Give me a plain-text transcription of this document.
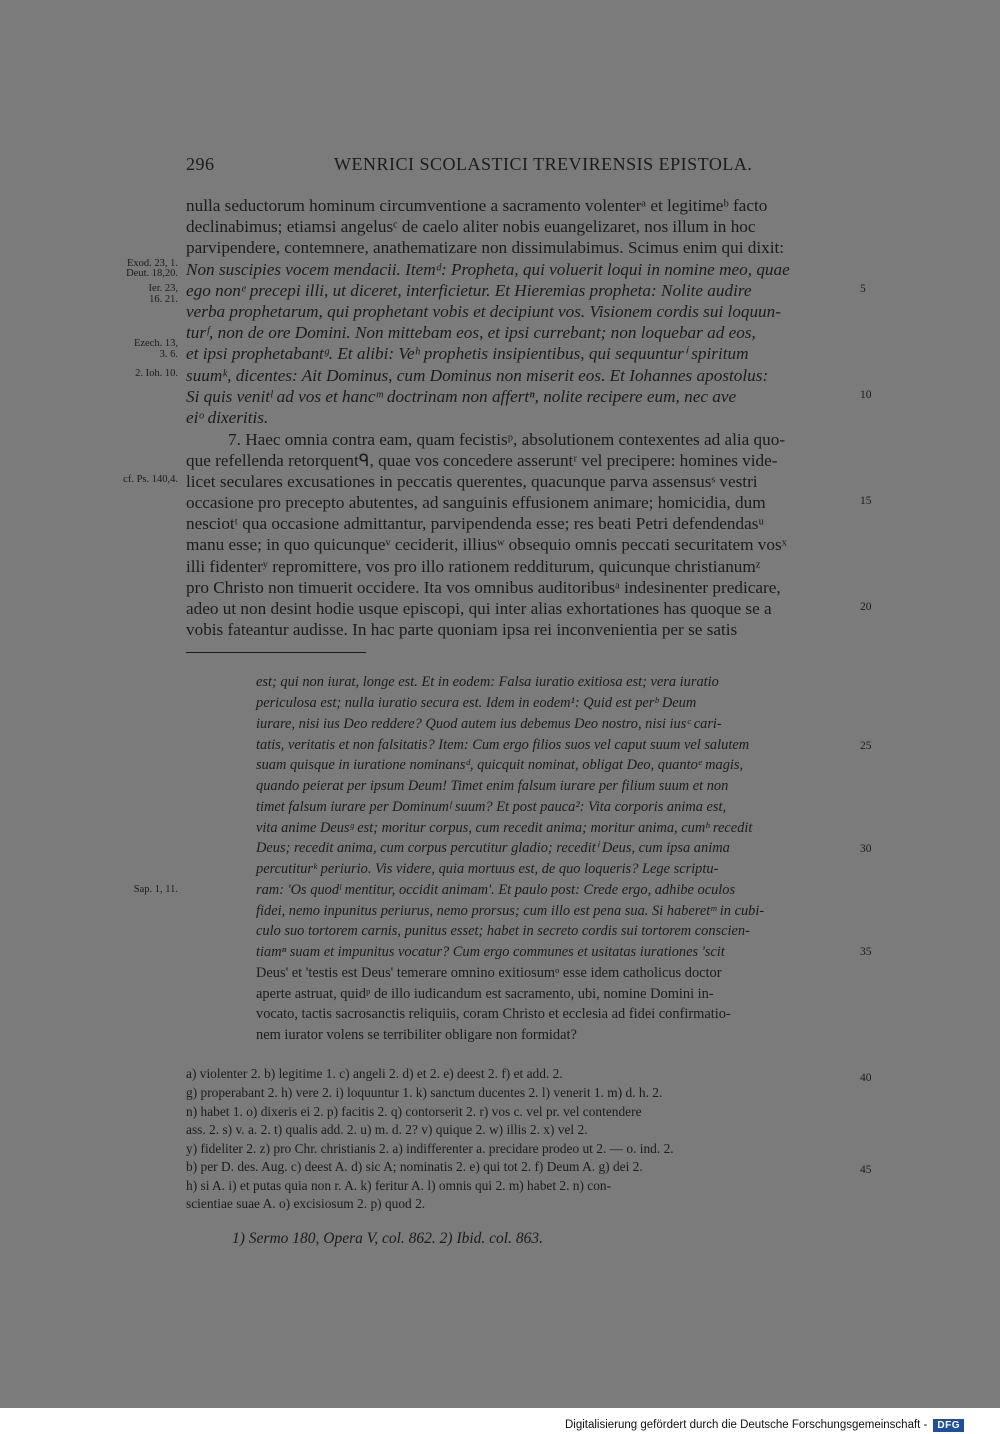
296	WENRICI SCOLASTICI TREVIRENSIS EPISTOLA.
nulla seductorum hominum circumventione a sacramento volenterᵃ et legitimeᵇ facto
declinabimus; etiamsi angelusᶜ de caelo aliter nobis euangelizaret, nos illum in hoc
parvipendere, contemnere, anathematizare non dissimulabimus. Scimus enim qui dixit:
Non suscipies vocem mendacii. Itemᵈ: Propheta, qui voluerit loqui in nomine meo, quae
ego nonᵉ precepi illi, ut diceret, interficietur. Et Hieremias propheta: Nolite audire
verba prophetarum, qui prophetant vobis et decipiunt vos. Visionem cordis sui loquun-
turᶠ, non de ore Domini. Non mittebam eos, et ipsi currebant; non loquebar ad eos,
et ipsi prophetabantᵍ. Et alibi: Veʰ prophetis insipientibus, qui sequunturⁱ spiritum
suumᵏ, dicentes: Ait Dominus, cum Dominus non miserit eos. Et Iohannes apostolus:
Si quis venitˡ ad vos et hancᵐ doctrinam non affertⁿ, nolite recipere eum, nec ave
eiᵒ dixeritis.
7. Haec omnia contra eam, quam fecistisᵖ, absolutionem contexentes ad alia quo-
que refellenda retorquentᑫ, quae vos concedere asseruntʳ vel precipere: homines vide-
licet seculares excusationes in peccatis querentes, quacunque parva assensusˢ vestri
occasione pro precepto abutentes, ad sanguinis effusionem animare; homicidia, dum
nesciotᵗ qua occasione admittantur, parvipendenda esse; res beati Petri defendendasᵘ
manu esse; in quo quicunqueᵛ ceciderit, illiusʷ obsequio omnis peccati securitatem vosˣ
illi fidenterʸ repromittere, vos pro illo rationem redditurum, quicunque christianumᶻ
pro Christo non timuerit occidere. Ita vos omnibus auditoribusᵃ indesinenter predicare,
adeo ut non desint hodie usque episcopi, qui inter alias exhortationes has quoque se a
vobis fateantur audisse. In hac parte quoniam ipsa rei inconvenientia per se satis
Exod. 23, 1.
Deut. 18,20.
Ier. 23,
16. 21.
Ezech. 13,
3. 6.
2. Ioh. 10.
cf. Ps. 140,4.
Sap. 1, 11.
5
10
15
20
25
30
35
40
45
est; qui non iurat, longe est. Et in eodem: Falsa iuratio exitiosa est; vera iuratio
periculosa est; nulla iuratio secura est. Idem in eodem¹: Quid est perᵇ Deum
iurare, nisi ius Deo reddere? Quod autem ius debemus Deo nostro, nisi iusᶜ cari-
tatis, veritatis et non falsitatis? Item: Cum ergo filios suos vel caput suum vel salutem
suam quisque in iuratione nominansᵈ, quicquit nominat, obligat Deo, quantoᵉ magis,
quando peierat per ipsum Deum! Timet enim falsum iurare per filium suum et non
timet falsum iurare per Dominumᶠ suum? Et post pauca²: Vita corporis anima est,
vita anime Deusᵍ est; moritur corpus, cum recedit anima; moritur anima, cumʰ recedit
Deus; recedit anima, cum corpus percutitur gladio; receditⁱ Deus, cum ipsa anima
percutiturᵏ periurio. Vis videre, quia mortuus est, de quo loqueris? Lege scriptu-
ram: 'Os quodˡ mentitur, occidit animam'. Et paulo post: Crede ergo, adhibe oculos
fidei, nemo inpunitus periurus, nemo prorsus; cum illo est pena sua. Si haberetᵐ in cubi-
culo suo tortorem carnis, punitus esset; habet in secreto cordis sui tortorem conscien-
tiamⁿ suam et impunitus vocatur? Cum ergo communes et usitatas iurationes 'scit
Deus' et 'testis est Deus' temerare omnino exitiosumᵒ esse idem catholicus doctor
aperte astruat, quidᵖ de illo iudicandum est sacramento, ubi, nomine Domini in-
vocato, tactis sacrosanctis reliquiis, coram Christo et ecclesia ad fidei confirmatio-
nem iurator volens se terribiliter obligare non formidat?
a) violenter 2. b) legitime 1. c) angeli 2. d) et 2. e) deest 2. f) et add. 2.
g) properabant 2. h) vere 2. i) loquuntur 1. k) sanctum ducentes 2. l) venerit 1. m) d. h. 2.
n) habet 1. o) dixeris ei 2. p) facitis 2. q) contorserit 2. r) vos c. vel pr. vel contendere
ass. 2. s) v. a. 2. t) qualis add. 2. u) m. d. 2? v) quique 2. w) illis 2. x) vel 2.
y) fideliter 2. z) pro Chr. christianis 2. a) indifferenter a. precidare prodeo ut 2. — o. ind. 2.
b) per D. des. Aug. c) deest A. d) sic A; nominatis 2. e) qui tot 2. f) Deum A. g) dei 2.
h) si A. i) et putas quia non r. A. k) feritur A. l) omnis qui 2. m) habet 2. n) con-
scientiae suae A. o) excisiosum 2. p) quod 2.
1) Sermo 180, Opera V, col. 862. 2) Ibid. col. 863.
Digitalisierung gefördert durch die Deutsche Forschungsgemeinschaft -	DFG
